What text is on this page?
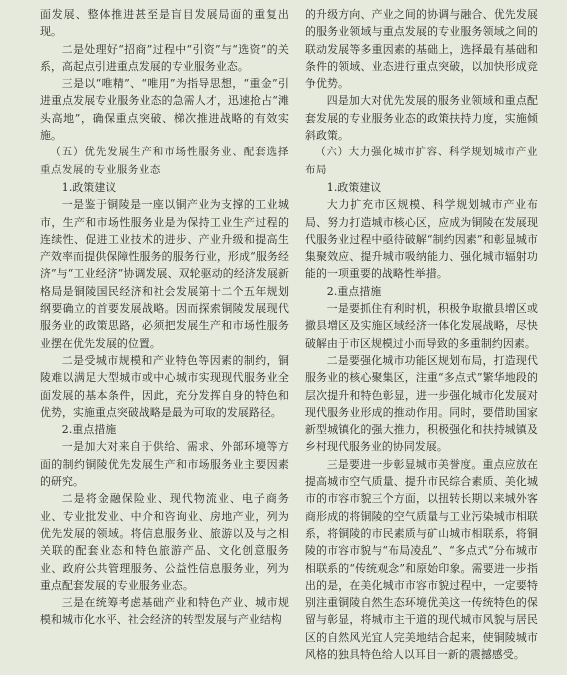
面发展、整体推进甚至是盲目发展局面的重复出现。

二是处理好“招商”过程中“引资”与“选资”的关系，高起点引进重点发展的专业服务业态。

三是以“唯精”、“唯用”为指导思想，“重金”引进重点发展专业服务业态的急需人才，迅速抢占“滩头高地”，确保重点突破、梯次推进战略的有效实施。

（五）优先发展生产和市场性服务业、配套选择重点发展的专业服务业态

1.政策建议

一是鉴于铜陵是一座以铜产业为支撑的工业城市，生产和市场性服务业是为保持工业生产过程的连续性、促进工业技术的进步、产业升级和提高生产效率而提供保障性服务的服务行业，形成“服务经济”与“工业经济”协调发展、双轮驱动的经济发展新格局是铜陵国民经济和社会发展第十二个五年规划纲要确立的首要发展战略。因而探索铜陵发展现代服务业的政策思路，必须把发展生产和市场性服务业摆在优先发展的位置。

二是受城市规模和产业特色等因素的制约，铜陵难以满足大型城市或中心城市实现现代服务业全面发展的基本条件，因此，充分发挥自身的特色和优势，实施重点突破战略是最为可取的发展路径。

2.重点措施

一是加大对来自于供给、需求、外部环境等方面的制约铜陵优先发展生产和市场服务业主要因素的研究。

二是将金融保险业、现代物流业、电子商务业、专业批发业、中介和咨询业、房地产业，列为优先发展的领域。将信息服务业、旅游以及与之相关联的配套业态和特色旅游产品、文化创意服务业、政府公共管理服务、公益性信息服务业，列为重点配套发展的专业服务业态。

三是在统筹考虑基础产业和特色产业、城市规模和城市化水平、社会经济的转型发展与产业结构

的升级方向、产业之间的协调与融合、优先发展的服务业领域与重点发展的专业服务领域之间的联动发展等多重因素的基础上，选择最有基础和条件的领域、业态进行重点突破，以加快形成竞争优势。

四是加大对优先发展的服务业领域和重点配套发展的专业服务业态的政策扶持力度，实施倾斜政策。

（六）大力强化城市扩容、科学规划城市产业布局

1.政策建议

大力扩充市区规模、科学规划城市产业布局、努力打造城市核心区，应成为铜陵在发展现代服务业过程中亟待破解“制约因素”和彰显城市集聚效应、提升城市吸纳能力、强化城市辐射功能的一项重要的战略性举措。

2.重点措施

一是要抓住有利时机，积极争取撤县增区或撤县增区及实施区域经济一体化发展战略，尽快破解由于市区规模过小而导致的多重制约因素。

二是要强化城市功能区规划布局，打造现代服务业的核心聚集区，注重“多点式”繁华地段的层次提升和特色彰显，进一步强化城市化发展对现代服务业形成的推动作用。同时，要借助国家新型城镇化的强大推力，积极强化和扶持城镇及乡村现代服务业的协同发展。

三是要进一步彰显城市美誉度。重点应放在提高城市空气质量、提升市民综合素质、美化城市的市容市貌三个方面，以扭转长期以来城外客商形成的将铜陵的空气质量与工业污染城市相联系，将铜陵的市民素质与矿山城市相联系，将铜陵的市容市貌与“布局凌乱”、“多点式”分布城市相联系的“传统观念”和原始印象。需要进一步指出的是，在美化城市市容市貌过程中，一定要特别注重铜陵自然生态环境优美这一传统特色的保留与彰显，将城市主干道的现代城市风貌与居民区的自然风光宜人完美地结合起来，使铜陵城市风格的独具特色给人以耳目一新的震撼感受。
